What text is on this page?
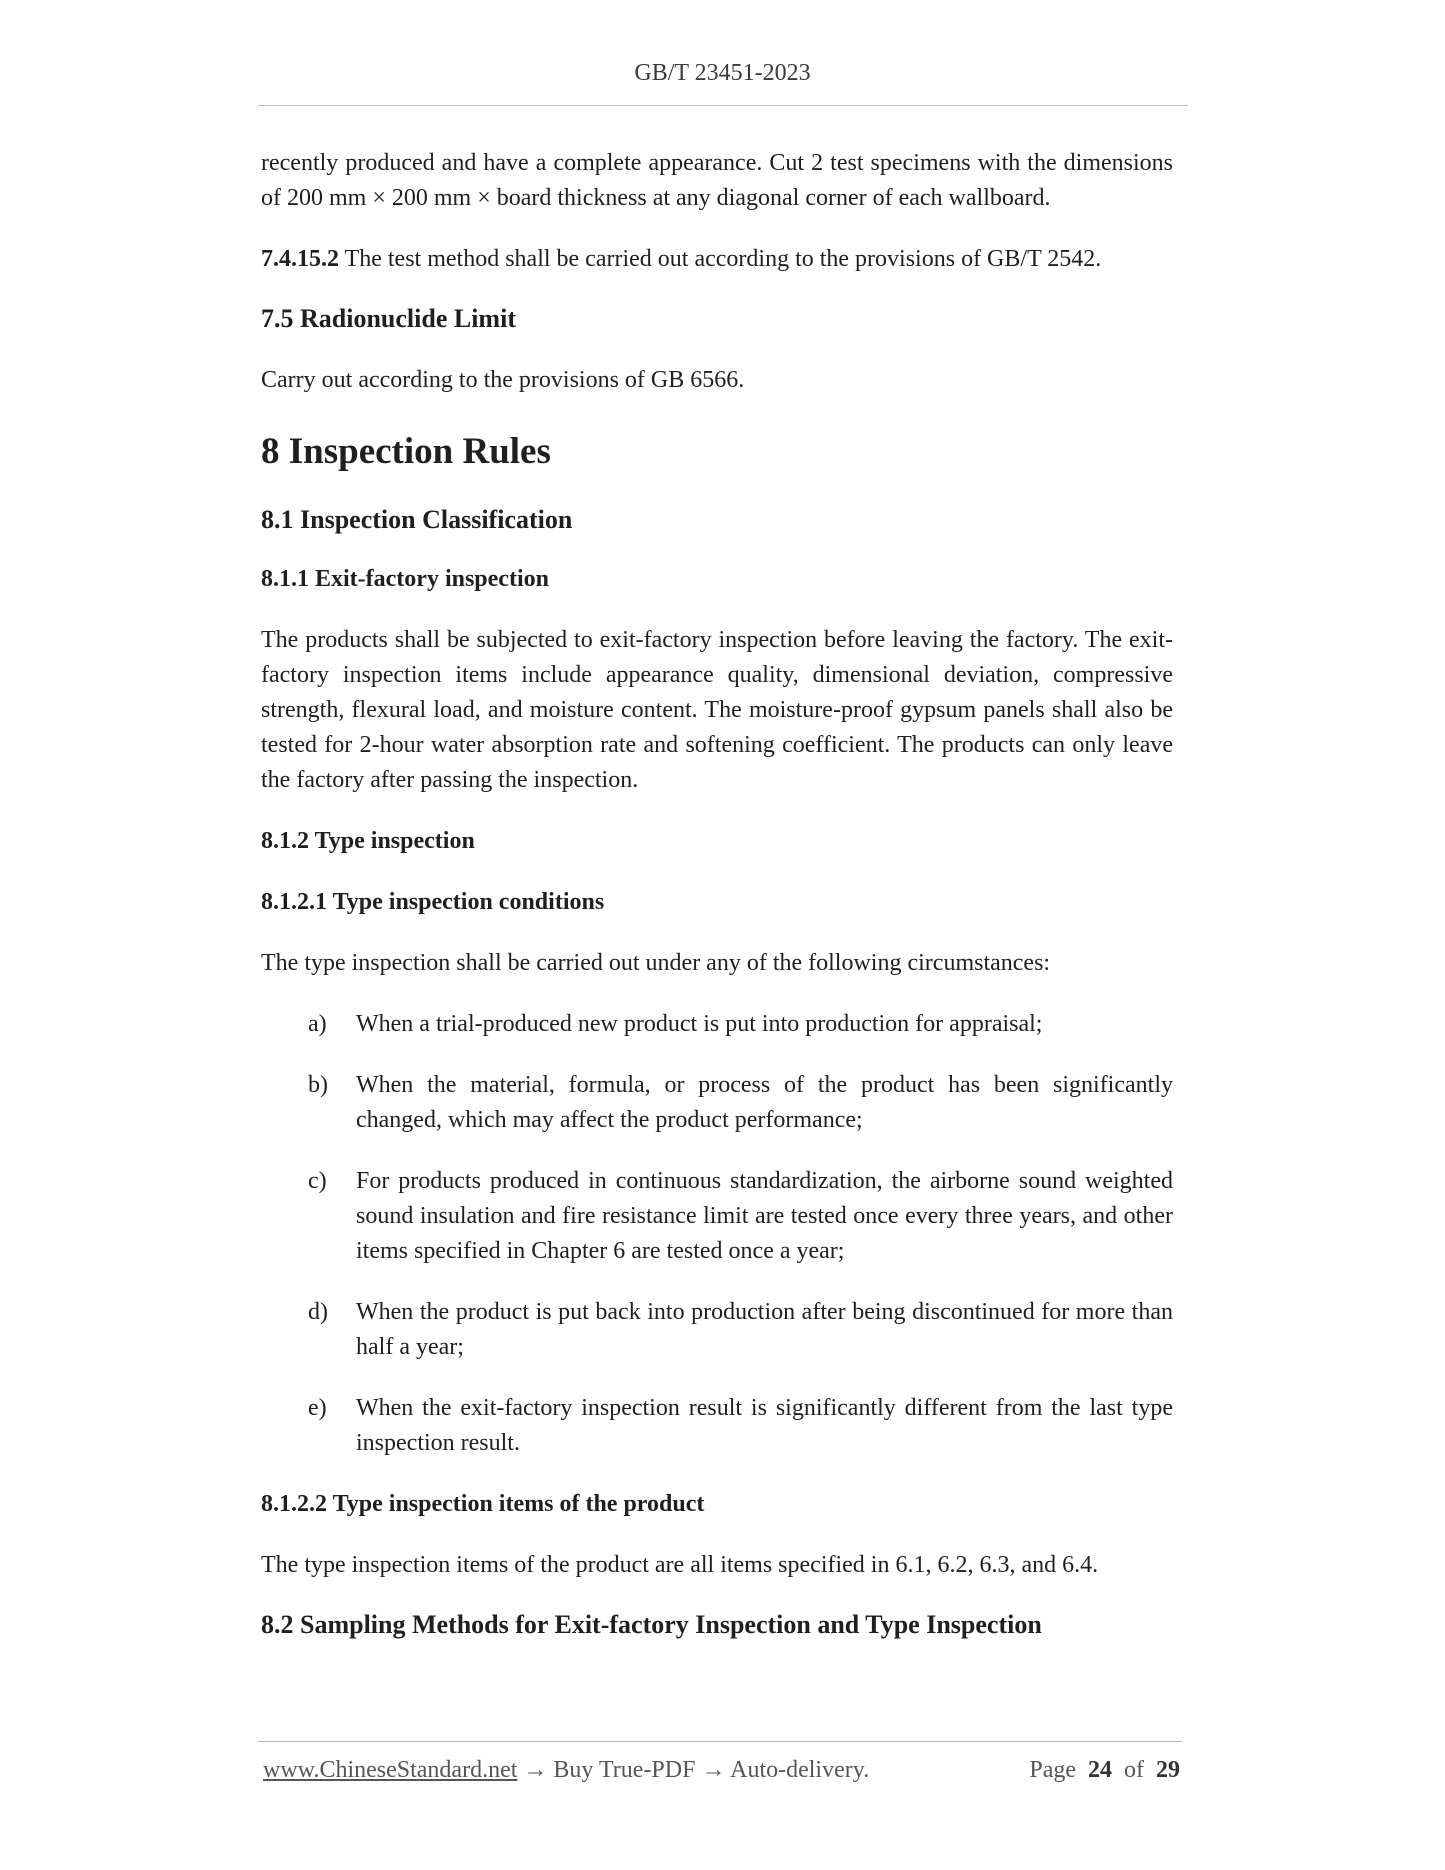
GB/T 23451-2023

recently produced and have a complete appearance. Cut 2 test specimens with the dimensions of 200 mm × 200 mm × board thickness at any diagonal corner of each wallboard.

7.4.15.2 The test method shall be carried out according to the provisions of GB/T 2542.

7.5 Radionuclide Limit

Carry out according to the provisions of GB 6566.

8 Inspection Rules
8.1 Inspection Classification
8.1.1 Exit-factory inspection

The products shall be subjected to exit-factory inspection before leaving the factory. The exit-factory inspection items include appearance quality, dimensional deviation, compressive strength, flexural load, and moisture content. The moisture-proof gypsum panels shall also be tested for 2-hour water absorption rate and softening coefficient. The products can only leave the factory after passing the inspection.

8.1.2 Type inspection
8.1.2.1 Type inspection conditions

The type inspection shall be carried out under any of the following circumstances:

a)	When a trial-produced new product is put into production for appraisal;
b)	When the material, formula, or process of the product has been significantly changed, which may affect the product performance;
c)	For products produced in continuous standardization, the airborne sound weighted sound insulation and fire resistance limit are tested once every three years, and other items specified in Chapter 6 are tested once a year;
d)	When the product is put back into production after being discontinued for more than half a year;
e)	When the exit-factory inspection result is significantly different from the last type inspection result.
8.1.2.2 Type inspection items of the product

The type inspection items of the product are all items specified in 6.1, 6.2, 6.3, and 6.4.

8.2 Sampling Methods for Exit-factory Inspection and Type Inspection
www.ChineseStandard.net → Buy True-PDF → Auto-delivery.	Page 24 of 29
